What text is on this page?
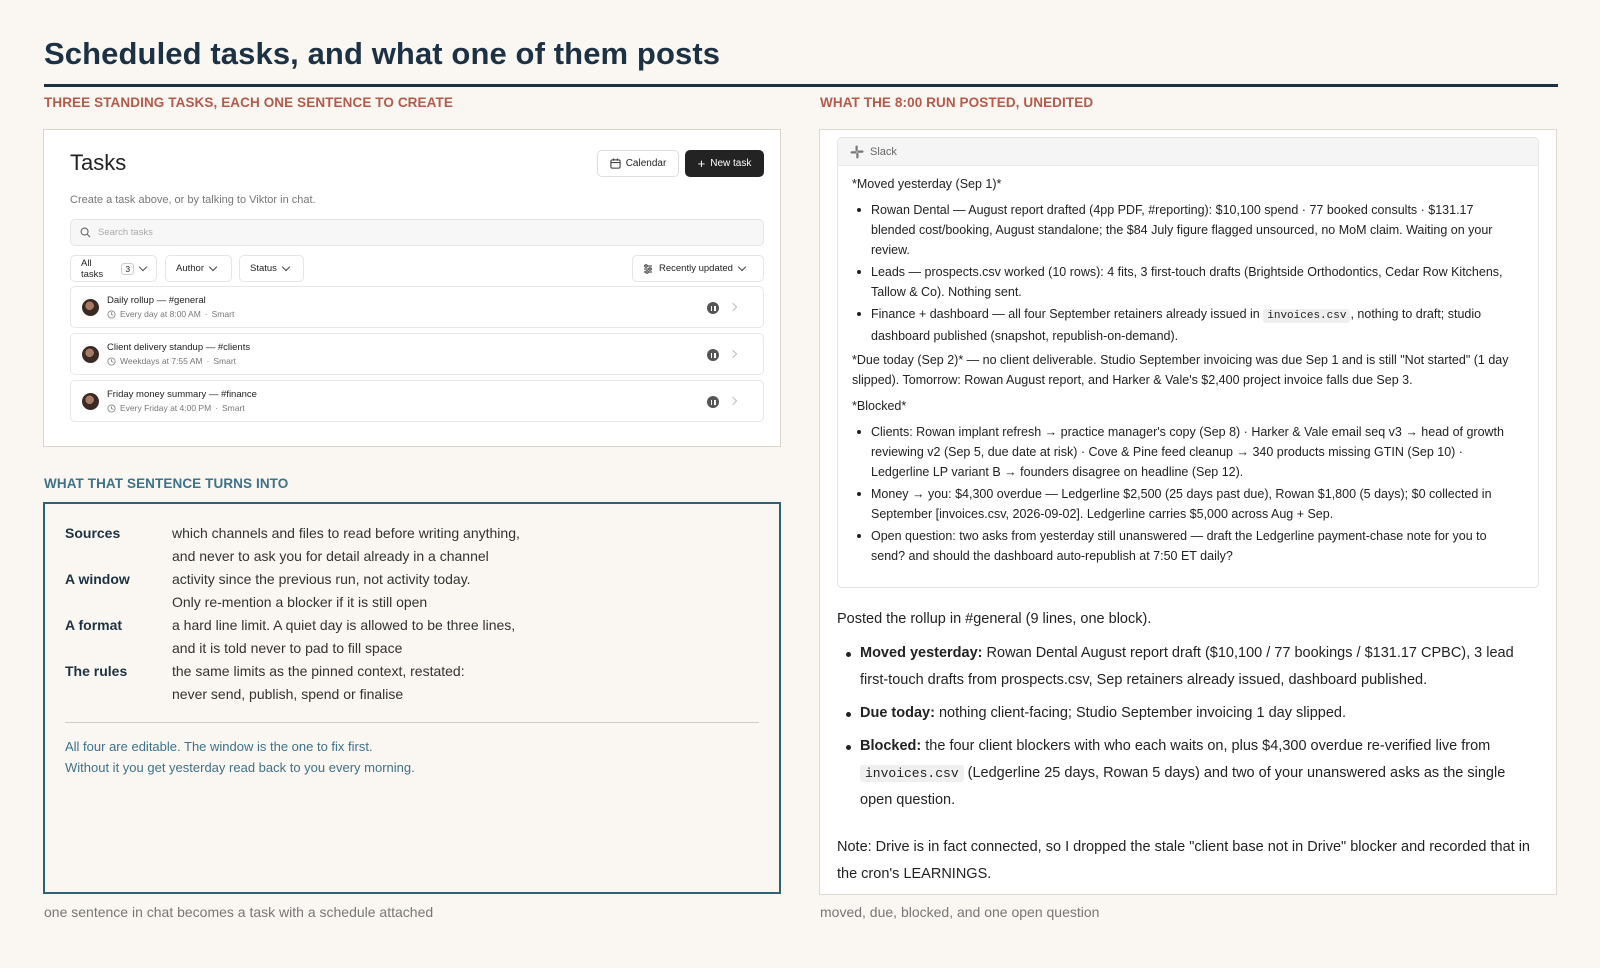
Scheduled tasks, and what one of them posts
THREE STANDING TASKS, EACH ONE SENTENCE TO CREATE	WHAT THE 8:00 RUN POSTED, UNEDITED
Tasks	Calendar + New task
Create a task above, or by talking to Viktor in chat.
Search tasks
All tasks	3	Author	Status	Recently updated
Daily rollup — #general
Every day at 8:00 AM · Smart
Client delivery standup — #clients
Weekdays at 7:55 AM · Smart
Friday money summary — #finance
Every Friday at 4:00 PM · Smart
WHAT THAT SENTENCE TURNS INTO
Sources	which channels and files to read before writing anything,
and never to ask you for detail already in a channel
A window	activity since the previous run, not activity today.
Only re-mention a blocker if it is still open
A format	a hard line limit. A quiet day is allowed to be three lines,
and it is told never to pad to fill space
The rules	the same limits as the pinned context, restated:
never send, publish, spend or finalise
All four are editable. The window is the one to fix first.
Without it you get yesterday read back to you every morning.
one sentence in chat becomes a task with a schedule attached
Slack
*Moved yesterday (Sep 1)*
Rowan Dental — August report drafted (4pp PDF, #reporting): $10,100 spend · 77 booked consults · $131.17 blended cost/booking, August standalone; the $84 July figure flagged unsourced, no MoM claim. Waiting on your review.
Leads — prospects.csv worked (10 rows): 4 fits, 3 first-touch drafts (Brightside Orthodontics, Cedar Row Kitchens, Tallow & Co). Nothing sent.
Finance + dashboard — all four September retainers already issued in invoices.csv , nothing to draft; studio dashboard published (snapshot, republish-on-demand).
*Due today (Sep 2)* — no client deliverable. Studio September invoicing was due Sep 1 and is still "Not started" (1 day slipped). Tomorrow: Rowan August report, and Harker & Vale's $2,400 project invoice falls due Sep 3.
*Blocked*
Clients: Rowan implant refresh → practice manager's copy (Sep 8) · Harker & Vale email seq v3 → head of growth reviewing v2 (Sep 5, due date at risk) · Cove & Pine feed cleanup → 340 products missing GTIN (Sep 10) · Ledgerline LP variant B → founders disagree on headline (Sep 12).
Money → you: $4,300 overdue — Ledgerline $2,500 (25 days past due), Rowan $1,800 (5 days); $0 collected in September [invoices.csv, 2026-09-02]. Ledgerline carries $5,000 across Aug + Sep.
Open question: two asks from yesterday still unanswered — draft the Ledgerline payment-chase note for you to send? and should the dashboard auto-republish at 7:50 ET daily?
Posted the rollup in #general (9 lines, one block).
Moved yesterday: Rowan Dental August report draft ($10,100 / 77 bookings / $131.17 CPBC), 3 lead first-touch drafts from prospects.csv, Sep retainers already issued, dashboard published.
Due today: nothing client-facing; Studio September invoicing 1 day slipped.
Blocked: the four client blockers with who each waits on, plus $4,300 overdue re-verified live from invoices.csv (Ledgerline 25 days, Rowan 5 days) and two of your unanswered asks as the single open question.
Note: Drive is in fact connected, so I dropped the stale "client base not in Drive" blocker and recorded that in the cron's LEARNINGS.
moved, due, blocked, and one open question
